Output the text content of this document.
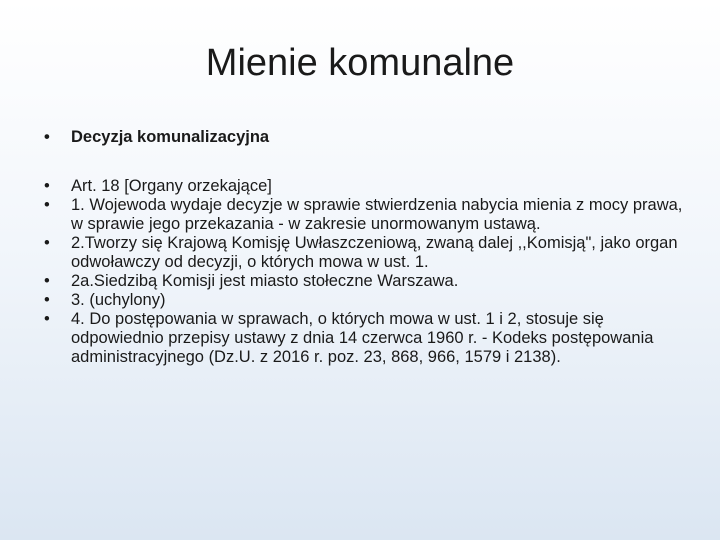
Mienie komunalne
• Decyzja komunalizacyjna
• Art. 18 [Organy orzekające]
• 1. Wojewoda wydaje decyzje w sprawie stwierdzenia nabycia mienia z mocy prawa, w sprawie jego przekazania - w zakresie unormowanym ustawą.
• 2.Tworzy się Krajową Komisję Uwłaszczeniową, zwaną dalej ,,Komisją", jako organ odwoławczy od decyzji, o których mowa w ust. 1.
• 2a.Siedzibą Komisji jest miasto stołeczne Warszawa.
• 3. (uchylony)
• 4. Do postępowania w sprawach, o których mowa w ust. 1 i 2, stosuje się odpowiednio przepisy ustawy z dnia 14 czerwca 1960 r. - Kodeks postępowania administracyjnego (Dz.U. z 2016 r. poz. 23, 868, 966, 1579 i 2138).
